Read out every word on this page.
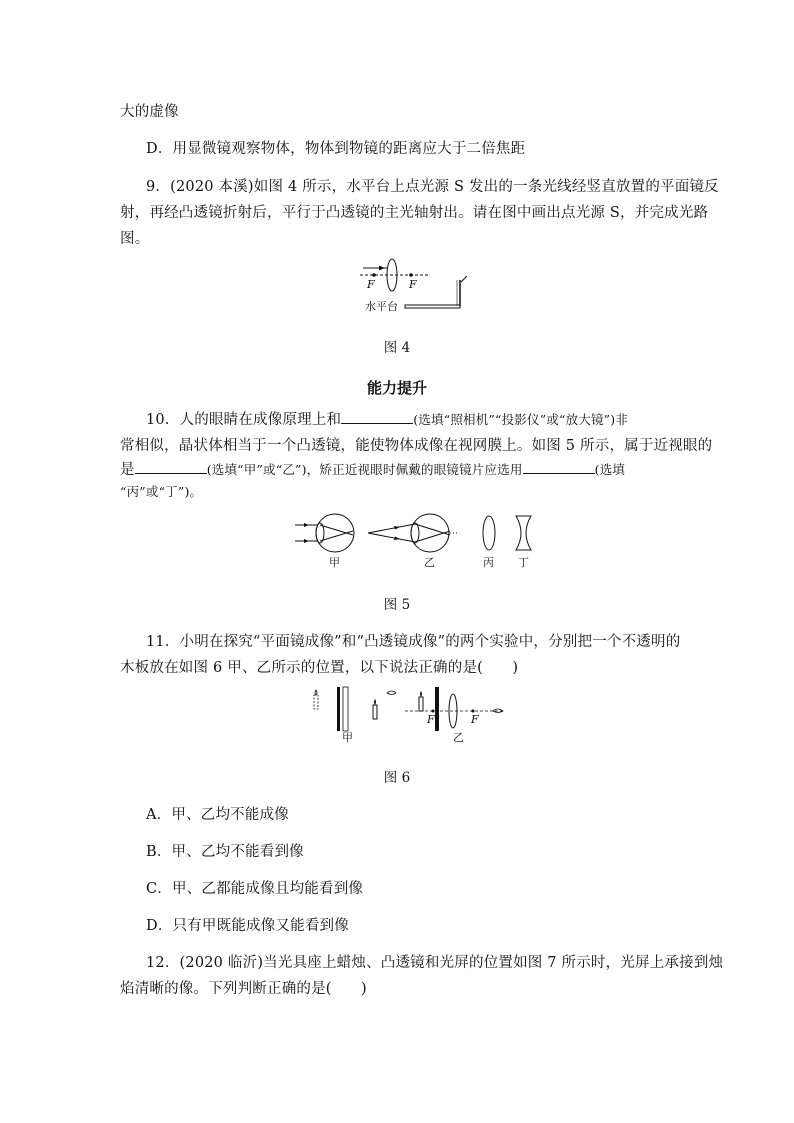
大的虚像
D．用显微镜观察物体，物体到物镜的距离应大于二倍焦距
9．(2020 本溪)如图 4 所示，水平台上点光源 S 发出的一条光线经竖直放置的平面镜反
射，再经凸透镜折射后，平行于凸透镜的主光轴射出。请在图中画出点光源 S，并完成光路
图。
F	F
水平台
图 4
能力提升
10．人的眼睛在成像原理上和	(选填“照相机”“投影仪”或“放大镜”)非
常相似，晶状体相当于一个凸透镜，能使物体成像在视网膜上。如图 5 所示，属于近视眼的
是	(选填“甲”或“乙”)，矫正近视眼时佩戴的眼镜镜片应选用	(选填
“丙”或“丁”)。
甲	乙	丙 丁
图 5
11．小明在探究“平面镜成像”和“凸透镜成像”的两个实验中，分别把一个不透明的
木板放在如图 6 甲、乙所示的位置，以下说法正确的是(　　)
甲
F	F
乙
图 6
A．甲、乙均不能成像
B．甲、乙均不能看到像
C．甲、乙都能成像且均能看到像
D．只有甲既能成像又能看到像
12．(2020 临沂)当光具座上蜡烛、凸透镜和光屏的位置如图 7 所示时，光屏上承接到烛
焰清晰的像。下列判断正确的是(　　)
